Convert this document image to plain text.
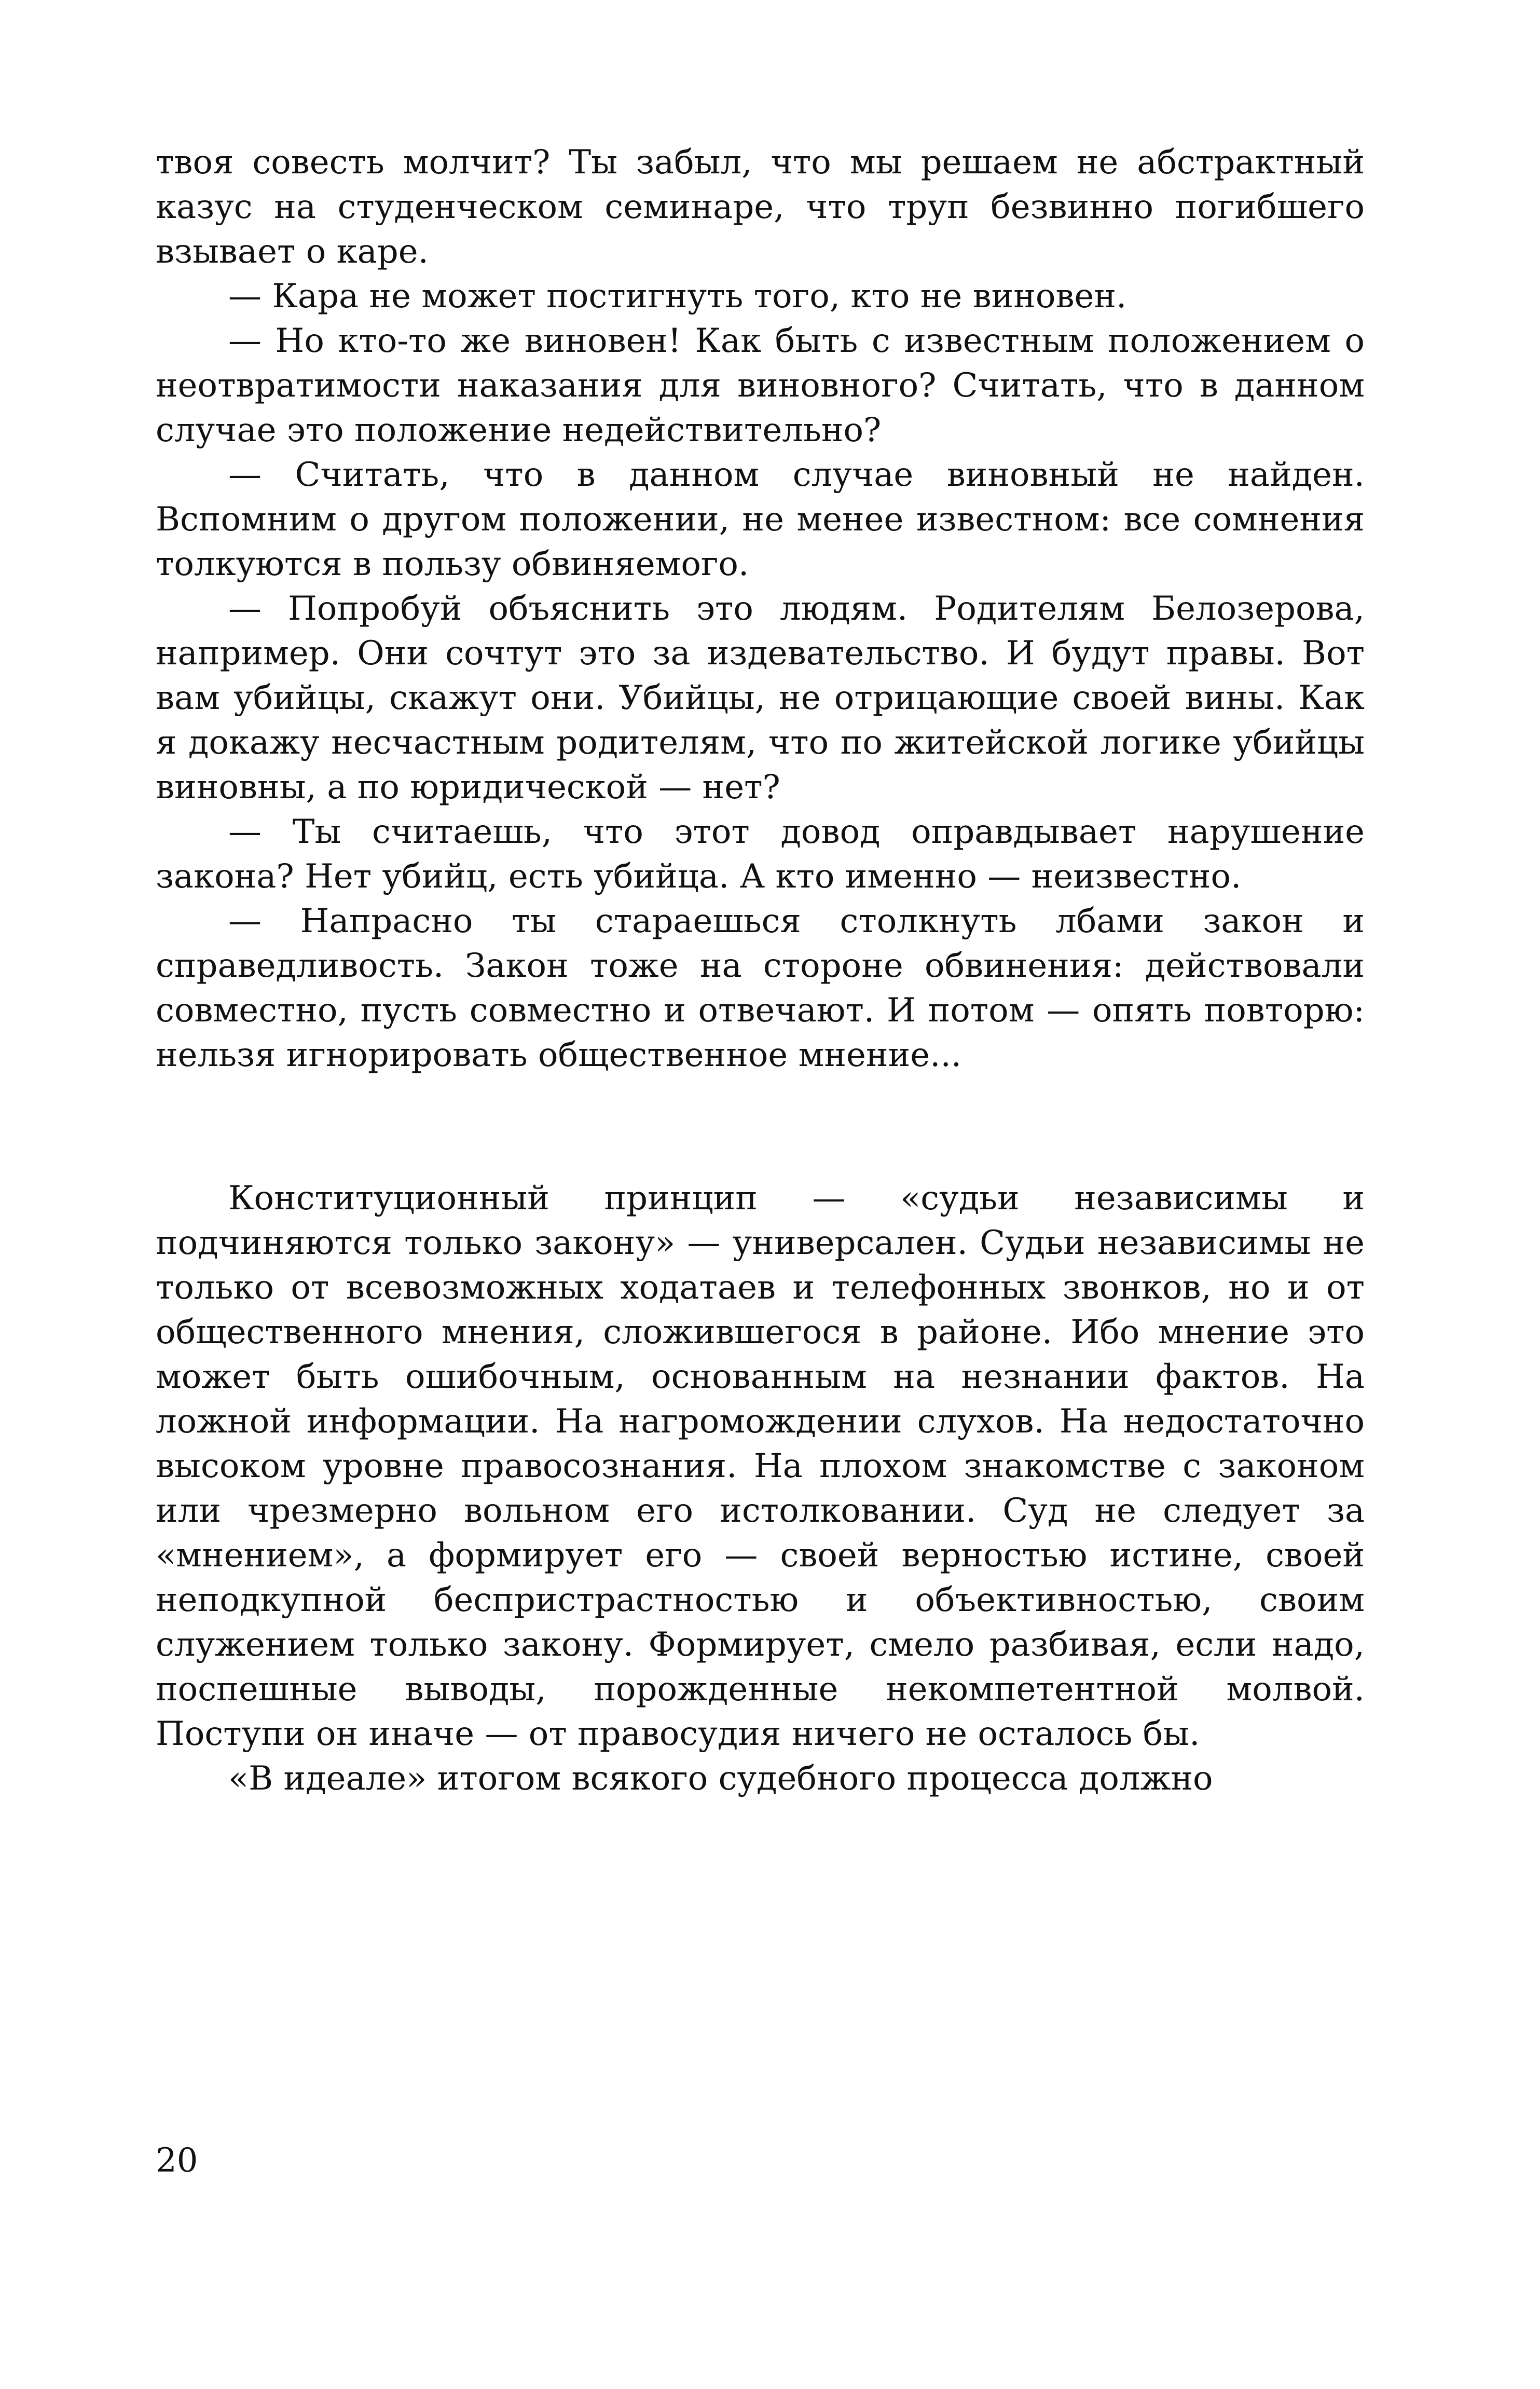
твоя совесть молчит? Ты забыл, что мы решаем не абстрактный казус на студенческом семинаре, что труп безвинно погибшего взывает о каре.

— Кара не может постигнуть того, кто не виновен.

— Но кто-то же виновен! Как быть с известным положением о неотвратимости наказания для виновного? Считать, что в данном случае это положение недействительно?

— Считать, что в данном случае виновный не найден. Вспомним о другом положении, не менее известном: все сомнения толкуются в пользу обвиняемого.

— Попробуй объяснить это людям. Родителям Белозерова, например. Они сочтут это за издевательство. И будут правы. Вот вам убийцы, скажут они. Убийцы, не отрицающие своей вины. Как я докажу несчастным родителям, что по житейской логике убийцы виновны, а по юридической — нет?

— Ты считаешь, что этот довод оправдывает нарушение закона? Нет убийц, есть убийца. А кто именно — неизвестно.

— Напрасно ты стараешься столкнуть лбами закон и справедливость. Закон тоже на стороне обвинения: действовали совместно, пусть совместно и отвечают. И потом — опять повторю: нельзя игнорировать общественное мнение...

Конституционный принцип — «судьи независимы и подчиняются только закону» — универсален. Судьи независимы не только от всевозможных ходатаев и телефонных звонков, но и от общественного мнения, сложившегося в районе. Ибо мнение это может быть ошибочным, основанным на незнании фактов. На ложной информации. На нагромождении слухов. На недостаточно высоком уровне правосознания. На плохом знакомстве с законом или чрезмерно вольном его истолковании. Суд не следует за «мнением», а формирует его — своей верностью истине, своей неподкупной беспристрастностью и объективностью, своим служением только закону. Формирует, смело разбивая, если надо, поспешные выводы, порожденные некомпетентной молвой. Поступи он иначе — от правосудия ничего не осталось бы.

«В идеале» итогом всякого судебного процесса должно

20
